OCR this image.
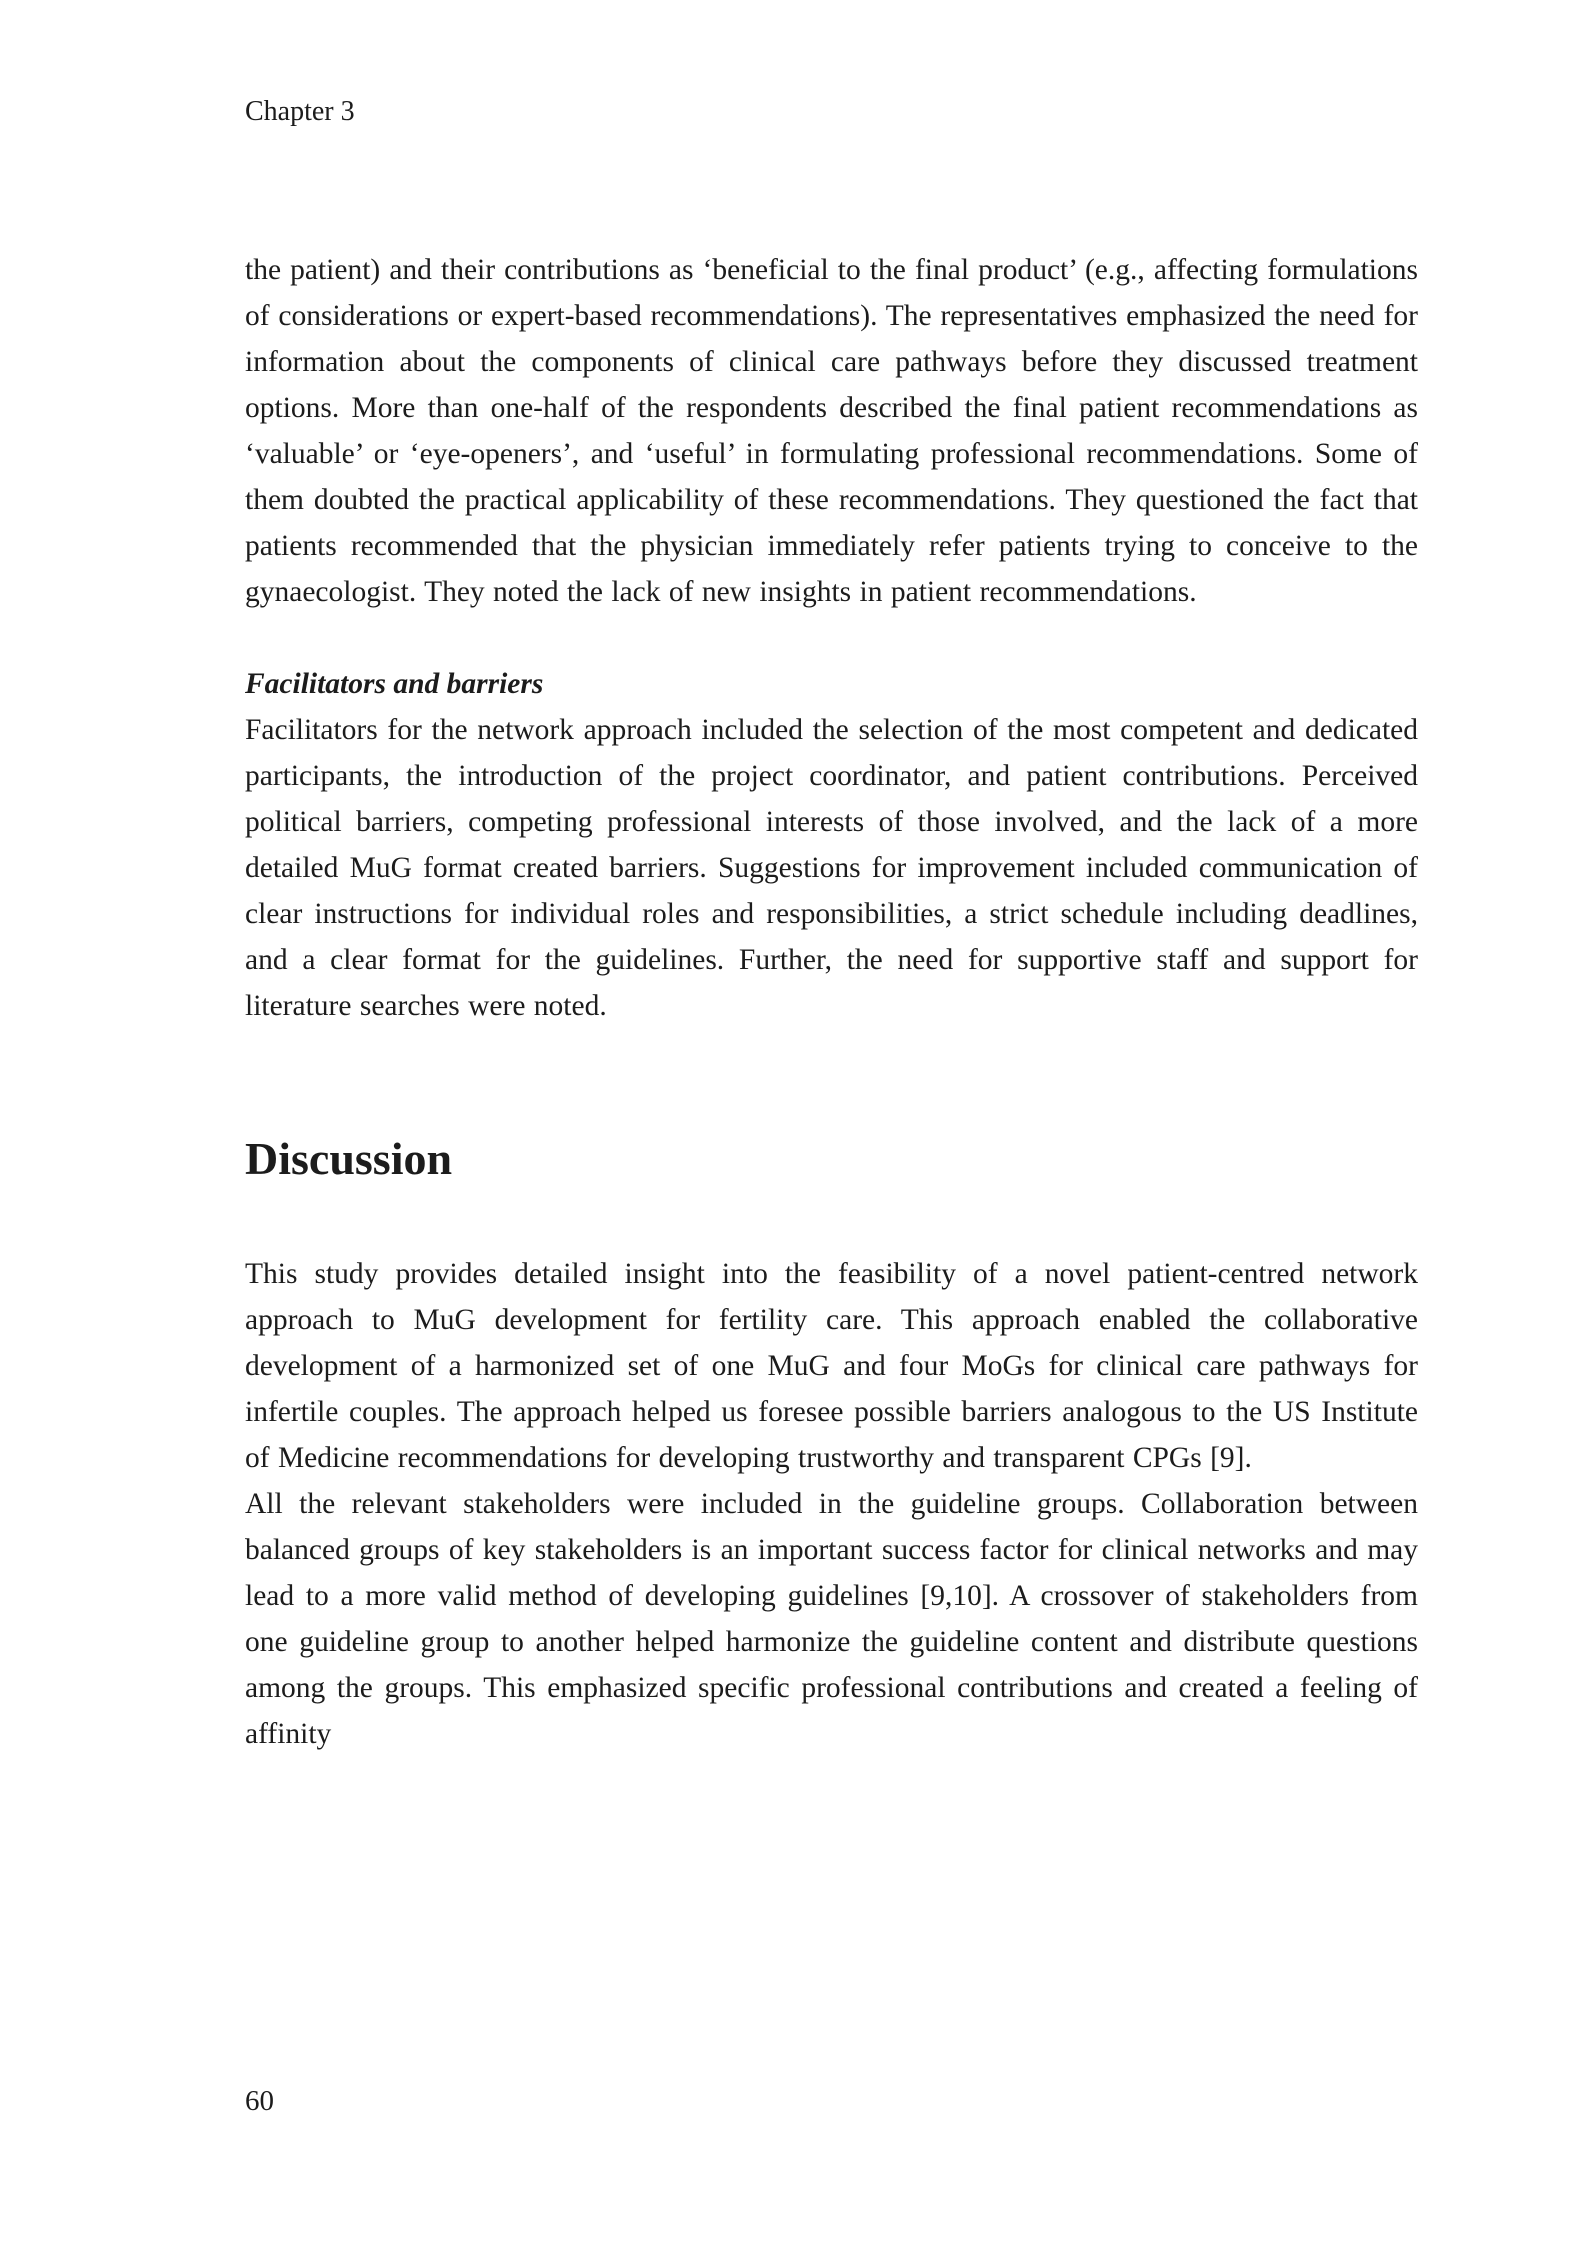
Chapter 3

the patient) and their contributions as ‘beneficial to the final product’ (e.g., affecting formulations of considerations or expert-based recommendations). The representatives emphasized the need for information about the components of clinical care pathways before they discussed treatment options. More than one-half of the respondents described the final patient recommendations as ‘valuable’ or ‘eye-openers’, and ‘useful’ in formulating professional recommendations. Some of them doubted the practical applicability of these recommendations. They questioned the fact that patients recommended that the physician immediately refer patients trying to conceive to the gynaecologist. They noted the lack of new insights in patient recommendations.

Facilitators and barriers

Facilitators for the network approach included the selection of the most competent and dedicated participants, the introduction of the project coordinator, and patient contributions. Perceived political barriers, competing professional interests of those involved, and the lack of a more detailed MuG format created barriers. Suggestions for improvement included communication of clear instructions for individual roles and responsibilities, a strict schedule including deadlines, and a clear format for the guidelines. Further, the need for supportive staff and support for literature searches were noted.

Discussion

This study provides detailed insight into the feasibility of a novel patient-centred network approach to MuG development for fertility care. This approach enabled the collaborative development of a harmonized set of one MuG and four MoGs for clinical care pathways for infertile couples. The approach helped us foresee possible barriers analogous to the US Institute of Medicine recommendations for developing trustworthy and transparent CPGs [9].

All the relevant stakeholders were included in the guideline groups. Collaboration between balanced groups of key stakeholders is an important success factor for clinical networks and may lead to a more valid method of developing guidelines [9,10]. A crossover of stakeholders from one guideline group to another helped harmonize the guideline content and distribute questions among the groups. This emphasized specific professional contributions and created a feeling of affinity

60
